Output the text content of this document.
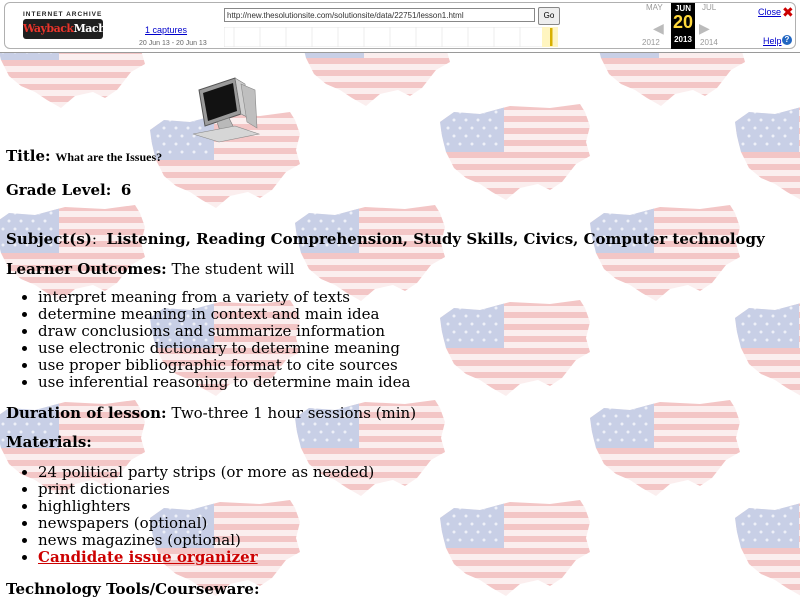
INTERNET ARCHIVE
WaybackMachine 1 captures
20 Jun 13 - 20 Jun 13
http://new.thesolutionsite.com/solutionsite/data/22751/lesson1.html	Go
MAY
◀
JUN
20
2013
▶
JUL
2012	2014
Close ✖
Help ?
Title: What are the Issues?
Grade Level: 6
Subject(s):  Listening, Reading Comprehension, Study Skills, Civics, Computer technology
Learner Outcomes: The student will
• interpret meaning from a variety of texts
• determine meaning in context and main idea
• draw conclusions and summarize information
• use electronic dictionary to determine meaning
• use proper bibliographic format to cite sources
• use inferential reasoning to determine main idea
Duration of lesson: Two-three 1 hour sessions (min)
Materials:
• 24 political party strips (or more as needed)
• print dictionaries
• highlighters
• newspapers (optional)
• news magazines (optional)
• Candidate issue organizer
Technology Tools/Courseware:
